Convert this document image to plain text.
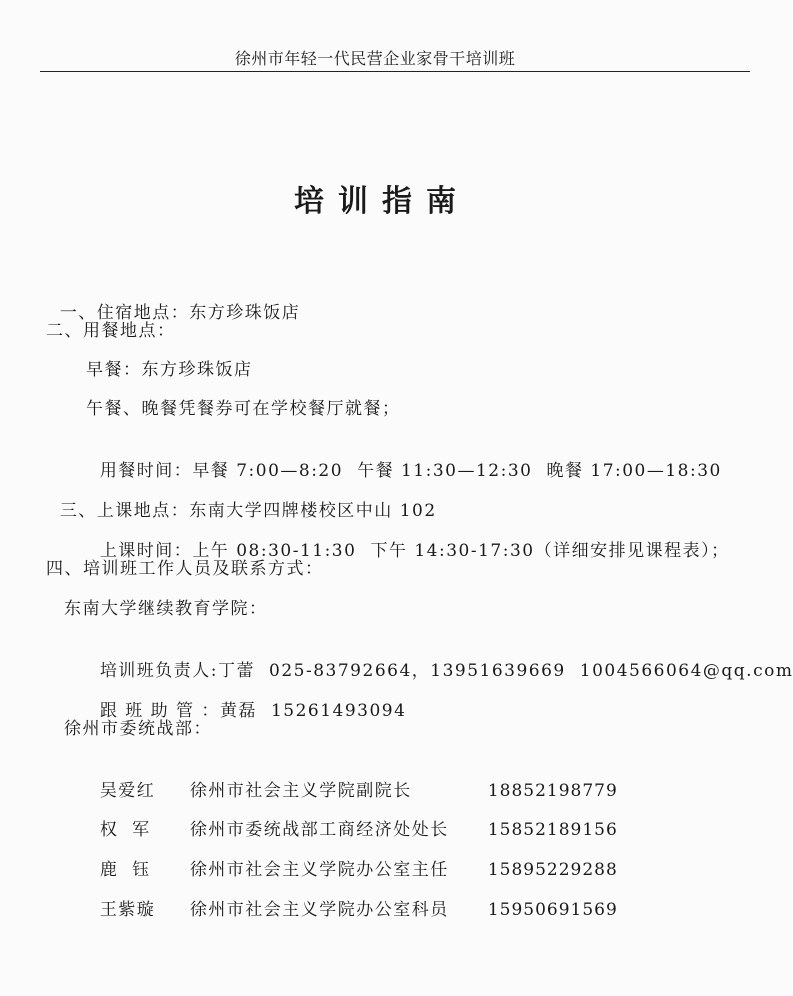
徐州市年轻一代民营企业家骨干培训班
培训指南

一、住宿地点：东方珍珠饭店

二、用餐地点：
早餐：东方珍珠饭店
午餐、晚餐凭餐券可在学校餐厅就餐；

用餐时间：早餐 7:00—8:20 午餐 11:30—12:30 晚餐 17:00—18:30

三、上课地点：东南大学四牌楼校区中山 102

上课时间：上午 08:30-11:30 下午 14:30-17:30（详细安排见课程表）；

四、培训班工作人员及联系方式：
东南大学继续教育学院：

培训班负责人:丁蕾 025-83792664，13951639669 1004566064@qq.com

跟 班 助 管 ：黄磊 15261493094

徐州市委统战部：

吴爱红 徐州市社会主义学院副院长	18852198779

权  军 徐州市委统战部工商经济处处长 15852189156

鹿  钰 徐州市社会主义学院办公室主任 15895229288

王紫璇 徐州市社会主义学院办公室科员 15950691569
